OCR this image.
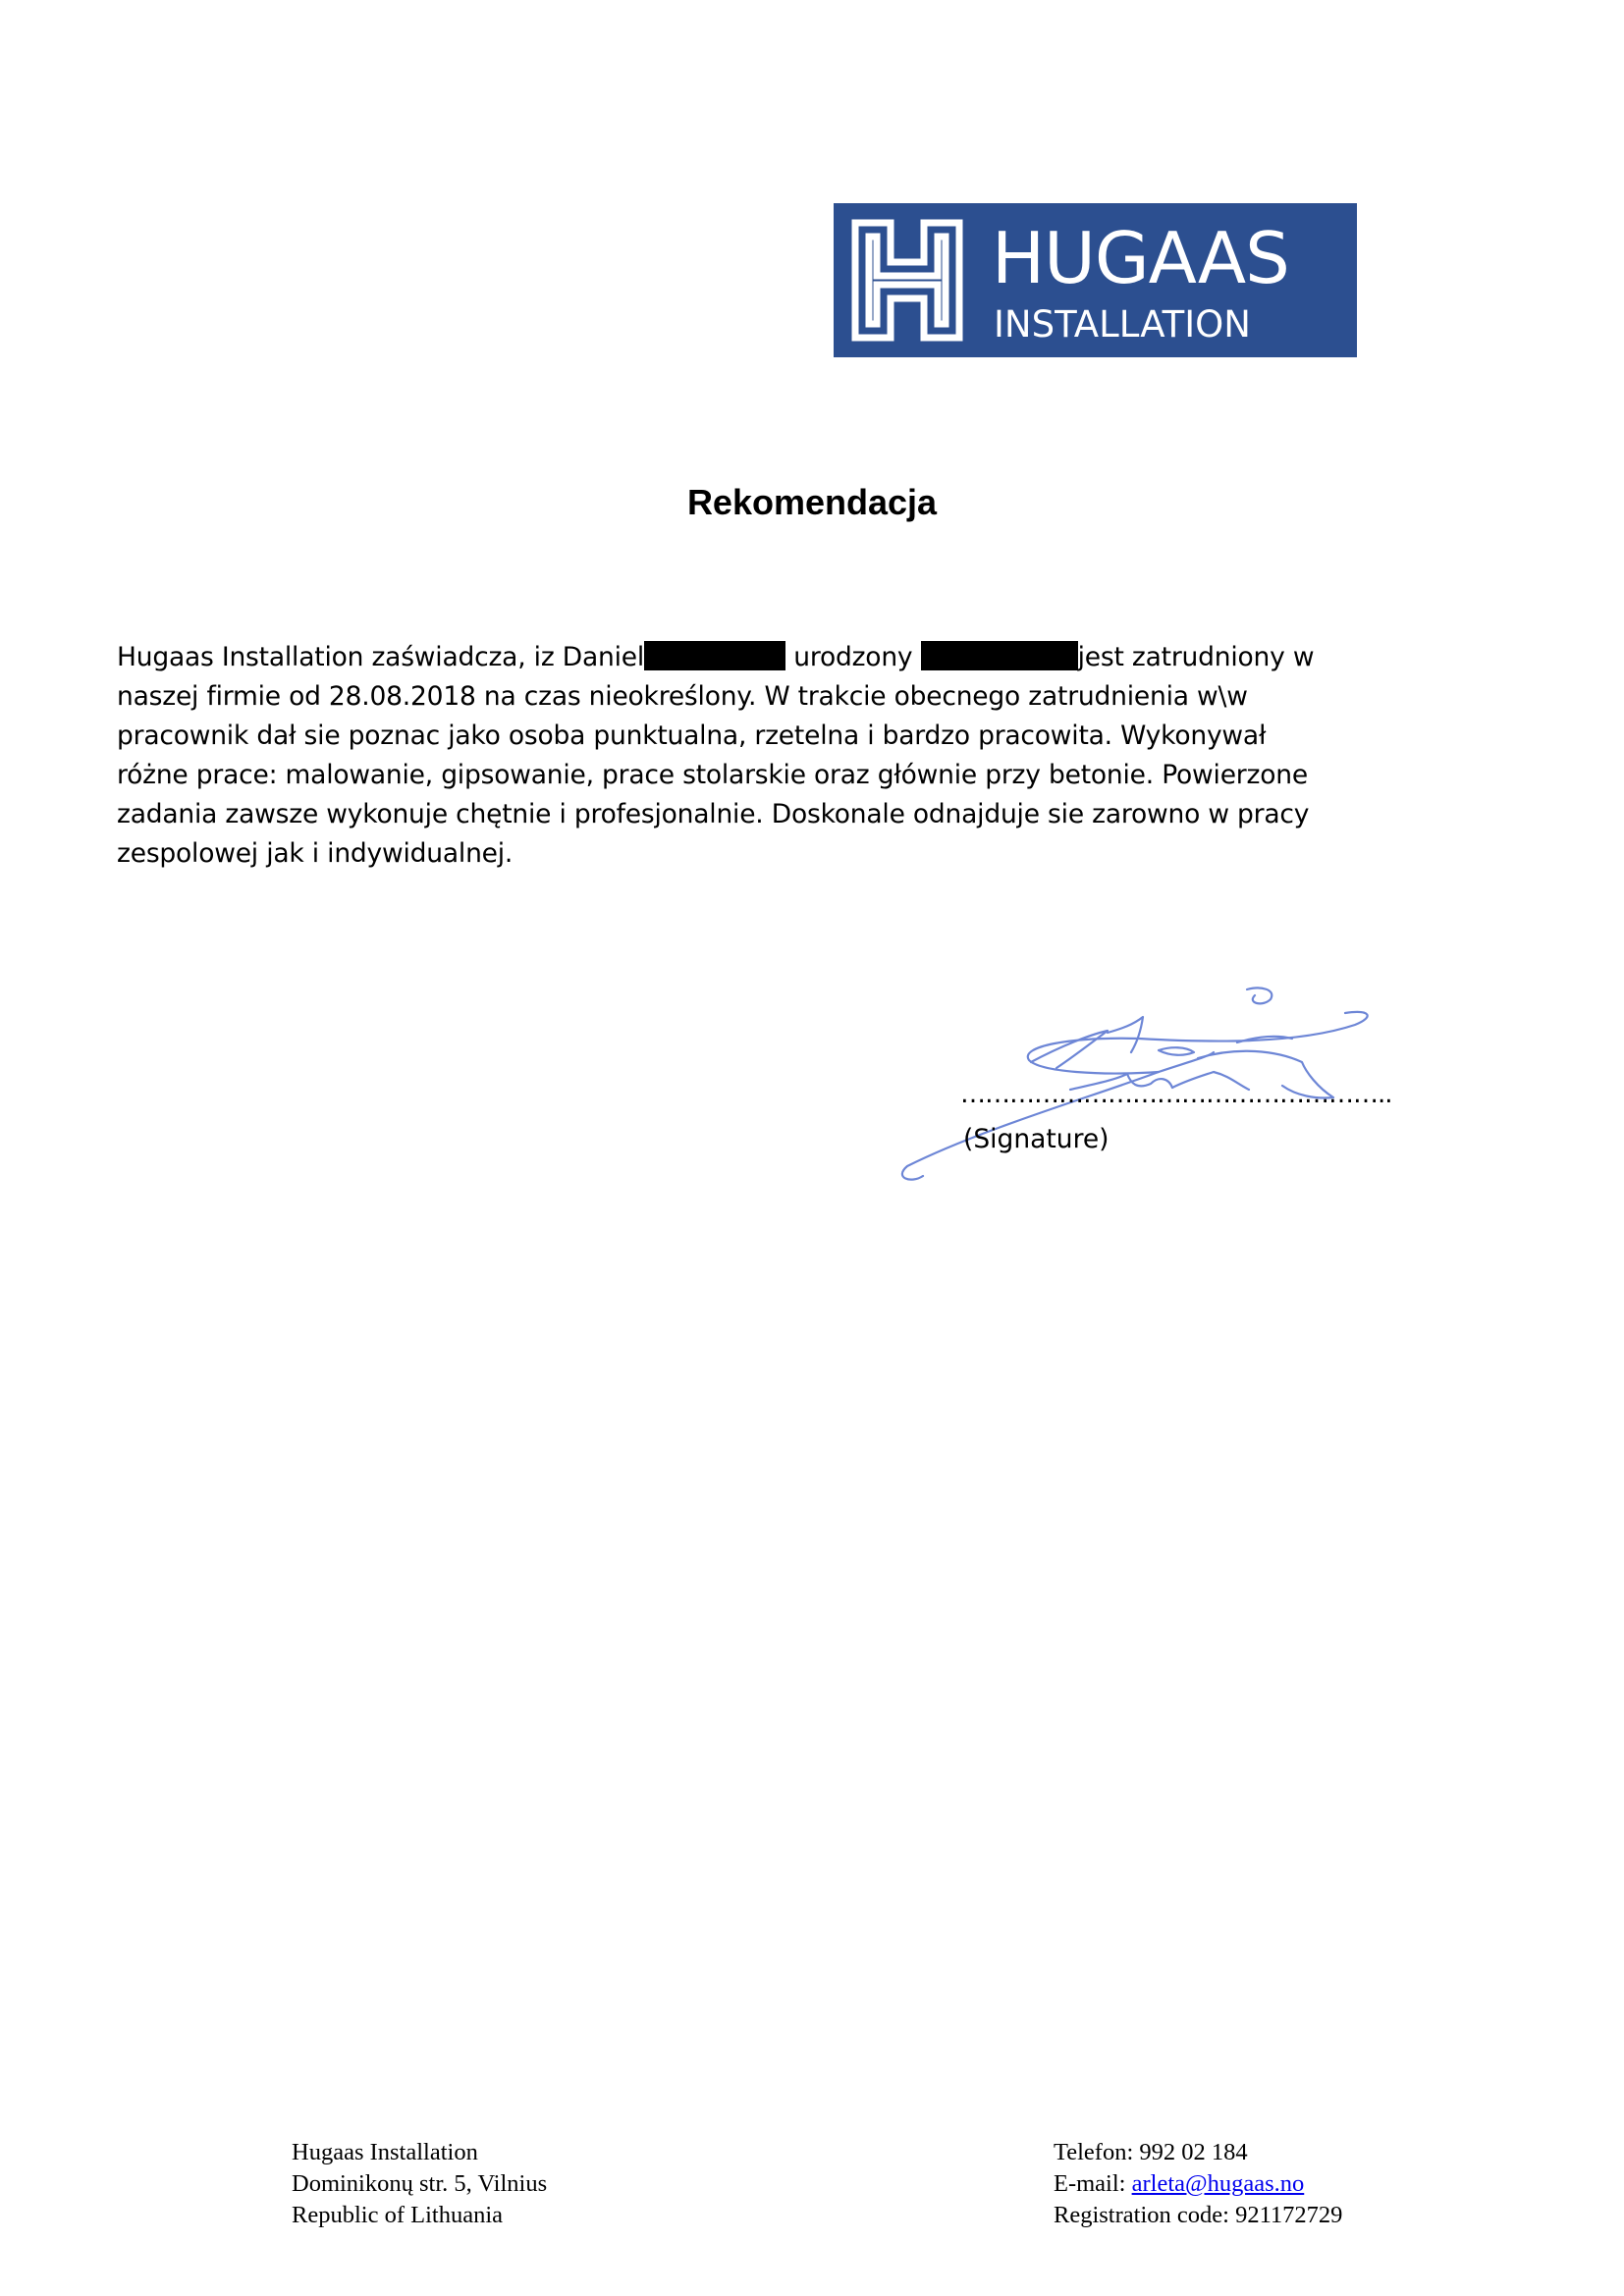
HUGAAS
INSTALLATION
Rekomendacja
Hugaas Installation zaświadcza, iz Daniel	urodzony	jest zatrudniony w
naszej firmie od 28.08.2018 na czas nieokreślony. W trakcie obecnego zatrudnienia w\w
pracownik dał sie poznac jako osoba punktualna, rzetelna i bardzo pracowita. Wykonywał
różne prace: malowanie, gipsowanie, prace stolarskie oraz głównie przy betonie. Powierzone
zadania zawsze wykonuje chętnie i profesjonalnie. Doskonale odnajduje sie zarowno w pracy
zespolowej jak i indywidualnej.
……………………………………………..
(Signature)
Hugaas Installation
Dominikonų str. 5, Vilnius
Republic of Lithuania
Telefon: 992 02 184
E-mail: arleta@hugaas.no
Registration code: 921172729
